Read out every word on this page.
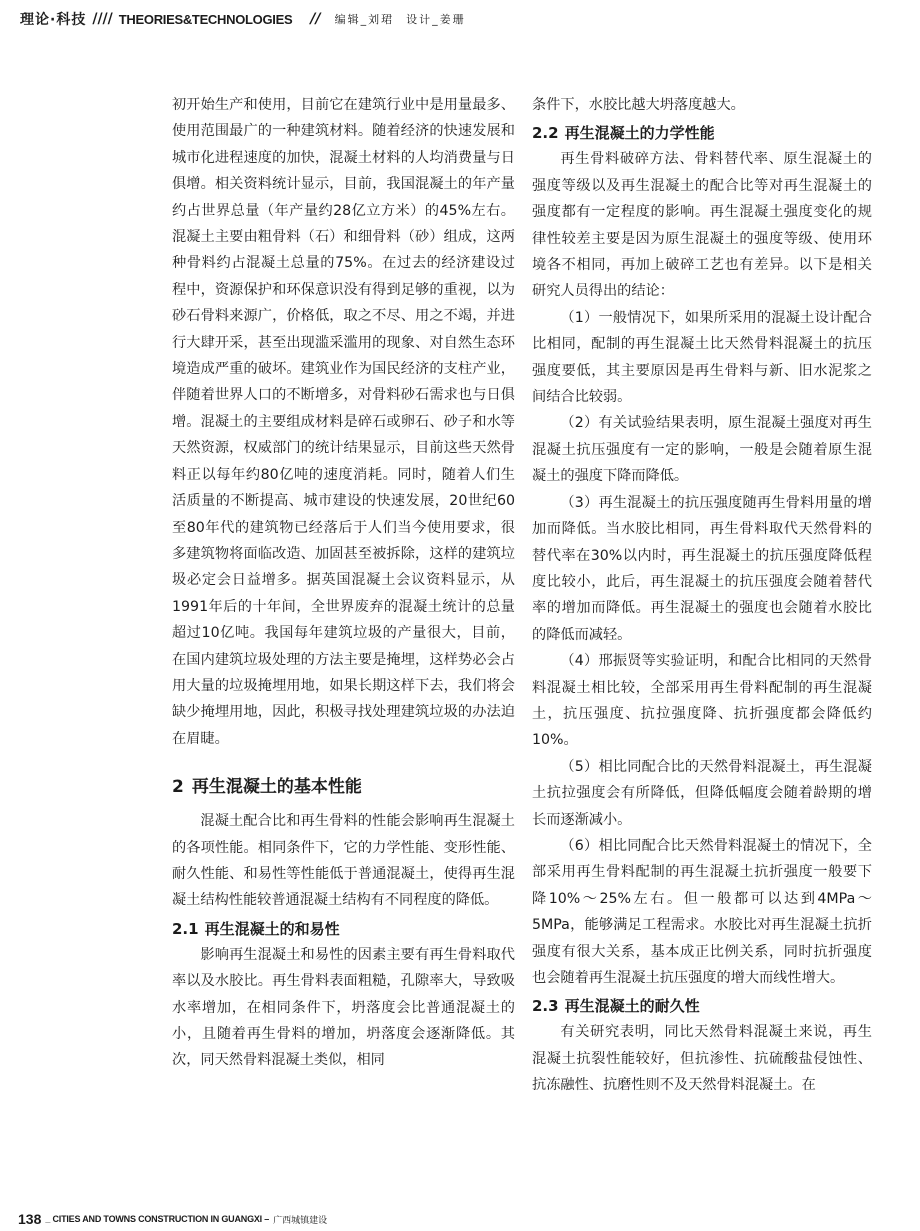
理论·科技 //// THEORIES&TECHNOLOGIES // 编辑_刘珺 设计_姜珊

初开始生产和使用，目前它在建筑行业中是用量最多、使用范围最广的一种建筑材料。随着经济的快速发展和城市化进程速度的加快，混凝土材料的人均消费量与日俱增。相关资料统计显示，目前，我国混凝土的年产量约占世界总量（年产量约28亿立方米）的45%左右。混凝土主要由粗骨料（石）和细骨料（砂）组成，这两种骨料约占混凝土总量的75%。在过去的经济建设过程中，资源保护和环保意识没有得到足够的重视，以为砂石骨料来源广，价格低，取之不尽、用之不竭，并进行大肆开采，甚至出现滥采滥用的现象、对自然生态环境造成严重的破坏。建筑业作为国民经济的支柱产业，伴随着世界人口的不断增多，对骨料砂石需求也与日俱增。混凝土的主要组成材料是碎石或卵石、砂子和水等天然资源，权威部门的统计结果显示，目前这些天然骨料正以每年约80亿吨的速度消耗。同时，随着人们生活质量的不断提高、城市建设的快速发展，20世纪60至80年代的建筑物已经落后于人们当今使用要求，很多建筑物将面临改造、加固甚至被拆除，这样的建筑垃圾必定会日益增多。据英国混凝土会议资料显示，从1991年后的十年间，全世界废弃的混凝土统计的总量超过10亿吨。我国每年建筑垃圾的产量很大，目前，在国内建筑垃圾处理的方法主要是掩埋，这样势必会占用大量的垃圾掩埋用地，如果长期这样下去，我们将会缺少掩埋用地，因此，积极寻找处理建筑垃圾的办法迫在眉睫。

2 再生混凝土的基本性能

混凝土配合比和再生骨料的性能会影响再生混凝土的各项性能。相同条件下，它的力学性能、变形性能、耐久性能、和易性等性能低于普通混凝土，使得再生混凝土结构性能较普通混凝土结构有不同程度的降低。

2.1 再生混凝土的和易性

影响再生混凝土和易性的因素主要有再生骨料取代率以及水胶比。再生骨料表面粗糙，孔隙率大，导致吸水率增加，在相同条件下，坍落度会比普通混凝土的小，且随着再生骨料的增加，坍落度会逐渐降低。其次，同天然骨料混凝土类似，相同

条件下，水胶比越大坍落度越大。

2.2 再生混凝土的力学性能

再生骨料破碎方法、骨料替代率、原生混凝土的强度等级以及再生混凝土的配合比等对再生混凝土的强度都有一定程度的影响。再生混凝土强度变化的规律性较差主要是因为原生混凝土的强度等级、使用环境各不相同，再加上破碎工艺也有差异。以下是相关研究人员得出的结论：

（1）一般情况下，如果所采用的混凝土设计配合比相同，配制的再生混凝土比天然骨料混凝土的抗压强度要低，其主要原因是再生骨料与新、旧水泥浆之间结合比较弱。

（2）有关试验结果表明，原生混凝土强度对再生混凝土抗压强度有一定的影响，一般是会随着原生混凝土的强度下降而降低。

（3）再生混凝土的抗压强度随再生骨料用量的增加而降低。当水胶比相同，再生骨料取代天然骨料的替代率在30%以内时，再生混凝土的抗压强度降低程度比较小，此后，再生混凝土的抗压强度会随着替代率的增加而降低。再生混凝土的强度也会随着水胶比的降低而减轻。

（4）邢振贤等实验证明，和配合比相同的天然骨料混凝土相比较，全部采用再生骨料配制的再生混凝土，抗压强度、抗拉强度降、抗折强度都会降低约10%。

（5）相比同配合比的天然骨料混凝土，再生混凝土抗拉强度会有所降低，但降低幅度会随着龄期的增长而逐渐减小。

（6）相比同配合比天然骨料混凝土的情况下，全部采用再生骨料配制的再生混凝土抗折强度一般要下降10%～25%左右。但一般都可以达到4MPa～5MPa，能够满足工程需求。水胶比对再生混凝土抗折强度有很大关系，基本成正比例关系，同时抗折强度也会随着再生混凝土抗压强度的增大而线性增大。

2.3 再生混凝土的耐久性

有关研究表明，同比天然骨料混凝土来说，再生混凝土抗裂性能较好，但抗渗性、抗硫酸盐侵蚀性、抗冻融性、抗磨性则不及天然骨料混凝土。在

138 _ CITIES AND TOWNS CONSTRUCTION IN GUANGXI – 广西城镇建设
